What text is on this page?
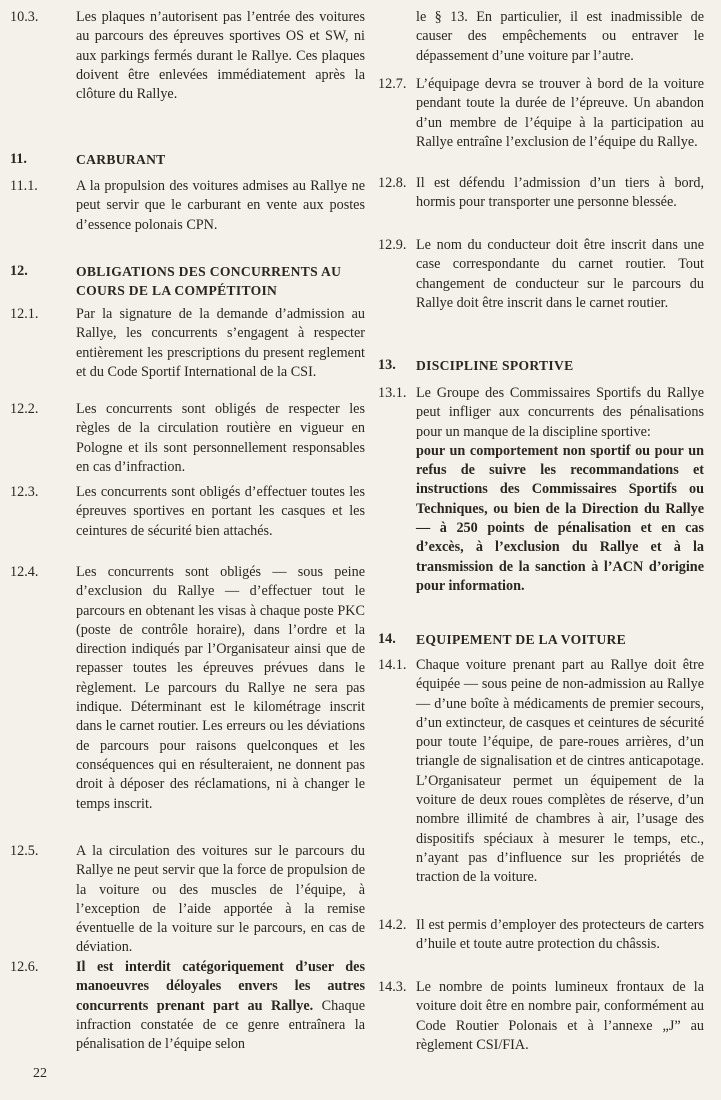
10.3.	Les plaques n’autorisent pas l’entrée des voitures au parcours des épreuves sportives OS et SW, ni aux parkings fermés durant le Rallye. Ces plaques doivent être enlevées immédiatement après la clôture du Rallye.
11.	CARBURANT
11.1.	A la propulsion des voitures admises au Rallye ne peut servir que le carburant en vente aux postes d’essence polonais CPN.
12.	OBLIGATIONS DES CONCURRENTS AU COURS DE LA COMPÉTITOIN
12.1.	Par la signature de la demande d’admission au Rallye, les concurrents s’engagent à respecter entièrement les prescriptions du present reglement et du Code Sportif International de la CSI.
12.2.	Les concurrents sont obligés de respecter les règles de la circulation routière en vigueur en Pologne et ils sont personnellement responsables en cas d’infraction.
12.3.	Les concurrents sont obligés d’effectuer toutes les épreuves sportives en portant les casques et les ceintures de sécurité bien attachés.
12.4.	Les concurrents sont obligés — sous peine d’exclusion du Rallye — d’effectuer tout le parcours en obtenant les visas à chaque poste PKC (poste de contrôle horaire), dans l’ordre et la direction indiqués par l’Organisateur ainsi que de repasser toutes les épreuves prévues dans le règlement. Le parcours du Rallye ne sera pas indique. Déterminant est le kilométrage inscrit dans le carnet routier. Les erreurs ou les déviations de parcours pour raisons quelconques et les conséquences qui en résulteraient, ne donnent pas droit à déposer des réclamations, ni à changer le temps inscrit.
12.5.	A la circulation des voitures sur le parcours du Rallye ne peut servir que la force de propulsion de la voiture ou des muscles de l’équipe, à l’exception de l’aide apportée à la remise éventuelle de la voiture sur le parcours, en cas de déviation.
12.6.	Il est interdit catégoriquement d’user des manoeuvres déloyales envers les autres concurrents prenant part au Rallye. Chaque infraction constatée de ce genre entraînera la pénalisation de l’équipe selon
le § 13. En particulier, il est inadmissible de causer des empêchements ou entraver le dépassement d’une voiture par l’autre.
12.7. L’équipage devra se trouver à bord de la voiture pendant toute la durée de l’épreuve. Un abandon d’un membre de l’équipe à la participation au Rallye entraîne l’exclusion de l’équipe du Rallye.
12.8. Il est défendu l’admission d’un tiers à bord, hormis pour transporter une personne blessée.
12.9. Le nom du conducteur doit être inscrit dans une case correspondante du carnet routier. Tout changement de conducteur sur le parcours du Rallye doit être inscrit dans le carnet routier.
13.	DISCIPLINE SPORTIVE
13.1. Le Groupe des Commissaires Sportifs du Rallye peut infliger aux concurrents des pénalisations pour un manque de la discipline sportive:
pour un comportement non sportif ou pour un refus de suivre les recommandations et instructions des Commissaires Sportifs ou Techniques, ou bien de la Direction du Rallye — à 250 points de pénalisation et en cas d’excès, à l’exclusion du Rallye et à la transmission de la sanction à l’ACN d’origine pour information.
14.	EQUIPEMENT DE LA VOITURE
14.1. Chaque voiture prenant part au Rallye doit être équipée — sous peine de non-admission au Rallye — d’une boîte à médicaments de premier secours, d’un extincteur, de casques et ceintures de sécurité pour toute l’équipe, de pare-roues arrières, d’un triangle de signalisation et de cintres anticapotage. L’Organisateur permet un équipement de la voiture de deux roues complètes de réserve, d’un nombre illimité de chambres à air, l’usage des dispositifs spéciaux à mesurer le temps, etc., n’ayant pas d’influence sur les propriétés de traction de la voiture.
14.2. Il est permis d’employer des protecteurs de carters d’huile et toute autre protection du châssis.
14.3. Le nombre de points lumineux frontaux de la voiture doit être en nombre pair, conformément au Code Routier Polonais et à l’annexe „J” au règlement CSI/FIA.
22
